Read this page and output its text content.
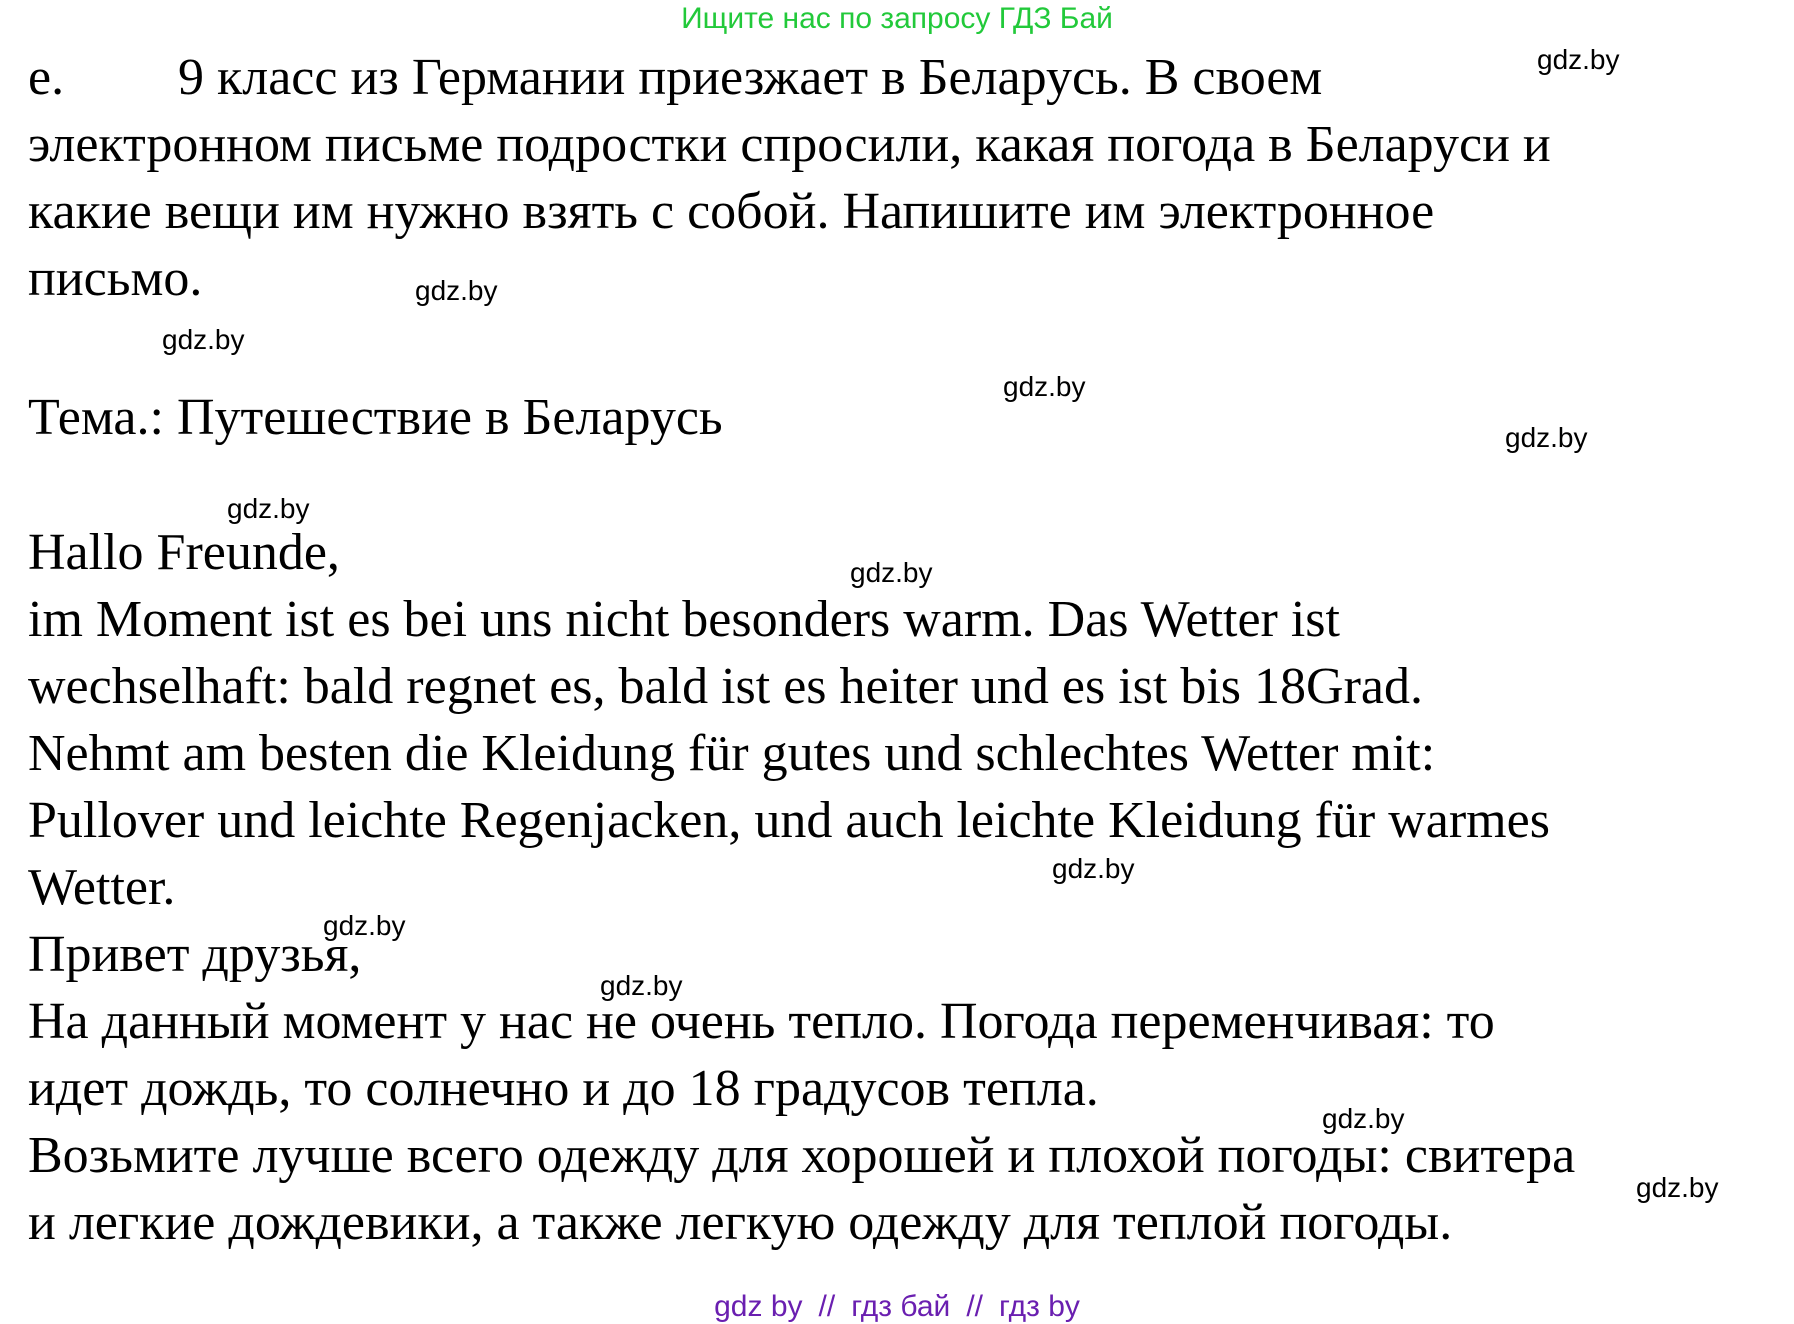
Ищите нас по запросу ГДЗ Бай
e. 9 класс из Германии приезжает в Беларусь. В своем
электронном письме подростки спросили, какая погода в Беларуси и
какие вещи им нужно взять с собой. Напишите им электронное
письмо.
Тема.: Путешествие в Беларусь
Hallo Freunde,
im Moment ist es bei uns nicht besonders warm. Das Wetter ist
wechselhaft: bald regnet es, bald ist es heiter und es ist bis 18Grad.
Nehmt am besten die Kleidung für gutes und schlechtes Wetter mit:
Pullover und leichte Regenjacken, und auch leichte Kleidung für warmes
Wetter.
Привет друзья,
На данный момент у нас не очень тепло. Погода переменчивая: то
идет дождь, то солнечно и до 18 градусов тепла.
Возьмите лучше всего одежду для хорошей и плохой погоды: свитера
и легкие дождевики, а также легкую одежду для теплой погоды.
gdz.by
gdz.by
gdz.by
gdz.by
gdz.by
gdz.by
gdz.by
gdz.by
gdz.by
gdz.by
gdz.by
gdz.by
gdz by // гдз бай // гдз by
